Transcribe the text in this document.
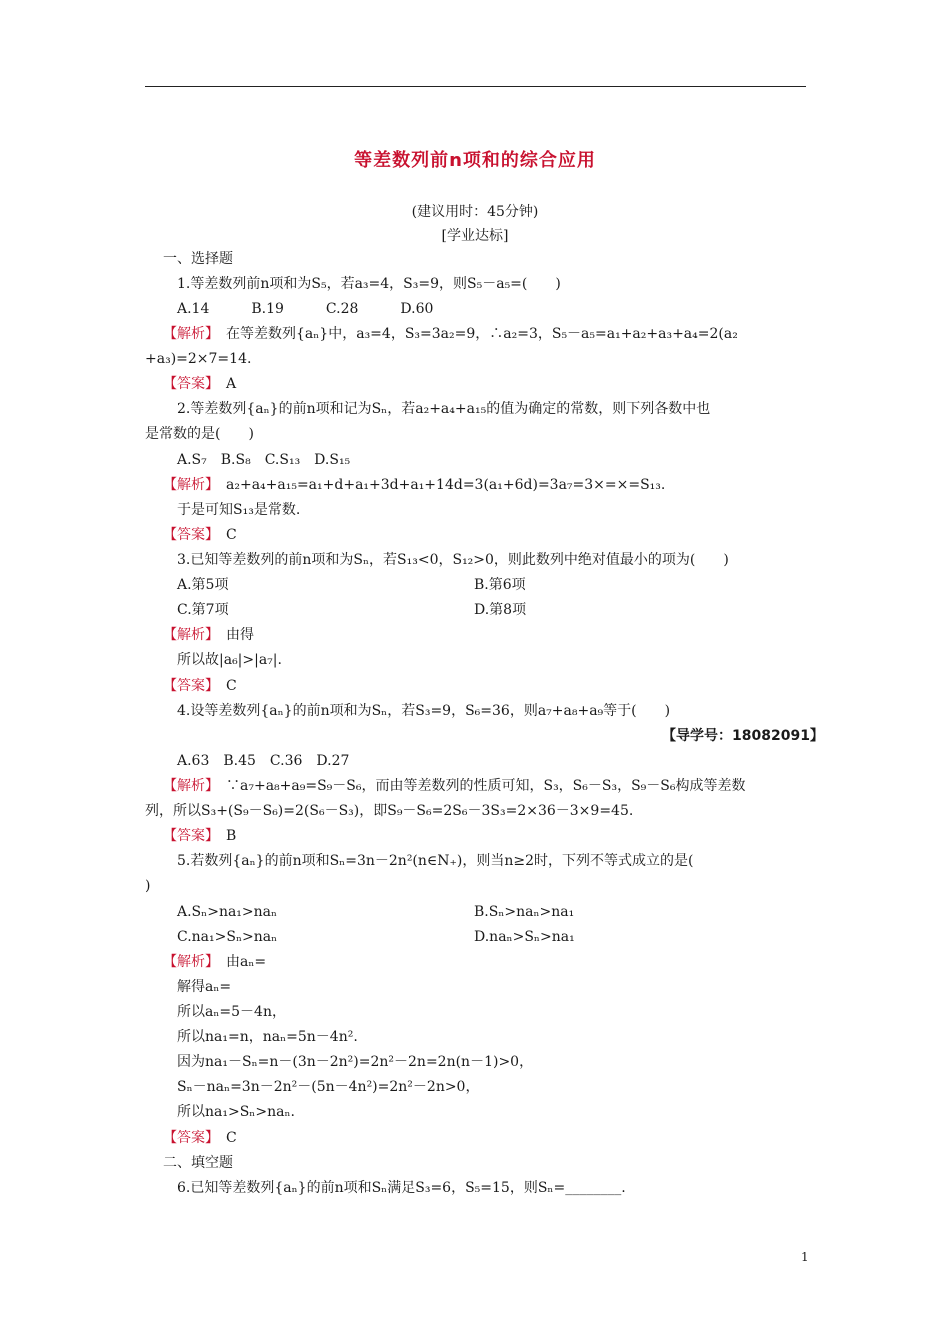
等差数列前n项和的综合应用
(建议用时：45分钟)
[学业达标]
一、选择题
1.等差数列前n项和为S₅，若a₃=4，S₃=9，则S₅－a₅=(　　)
A.14　　　B.19　　　C.28　　　D.60
【解析】　 在等差数列{aₙ}中，a₃=4，S₃=3a₂=9，∴a₂=3，S₅－a₅=a₁+a₂+a₃+a₄=2(a₂
+a₃)=2×7=14.
【答案】　 A
2.等差数列{aₙ}的前n项和记为Sₙ，若a₂+a₄+a₁₅的值为确定的常数，则下列各数中也
是常数的是(　　)
A.S₇　B.S₈　C.S₁₃　D.S₁₅
【解析】　 a₂+a₄+a₁₅=a₁+d+a₁+3d+a₁+14d=3(a₁+6d)=3a₇=3×=×=S₁₃.
于是可知S₁₃是常数.
【答案】　 C
3.已知等差数列的前n项和为Sₙ，若S₁₃<0，S₁₂>0，则此数列中绝对值最小的项为(　　)
A.第5项	B.第6项
C.第7项	D.第8项
【解析】　 由得
所以故|a₆|>|a₇|.
【答案】　 C
4.设等差数列{aₙ}的前n项和为Sₙ，若S₃=9，S₆=36，则a₇+a₈+a₉等于(　　)
【导学号：18082091】
A.63　B.45　C.36　D.27
【解析】　 ∵a₇+a₈+a₉=S₉－S₆，而由等差数列的性质可知，S₃，S₆－S₃，S₉－S₆构成等差数
列，所以S₃+(S₉－S₆)=2(S₆－S₃)，即S₉－S₆=2S₆－3S₃=2×36－3×9=45.
【答案】　 B
5.若数列{aₙ}的前n项和Sₙ=3n－2n²(n∈N₊)，则当n≥2时，下列不等式成立的是(
)
A.Sₙ>na₁>naₙ	B.Sₙ>naₙ>na₁
C.na₁>Sₙ>naₙ	D.naₙ>Sₙ>na₁
【解析】　 由aₙ=
解得aₙ=
所以aₙ=5－4n，
所以na₁=n，naₙ=5n－4n².
因为na₁－Sₙ=n－(3n－2n²)=2n²－2n=2n(n－1)>0，
Sₙ－naₙ=3n－2n²－(5n－4n²)=2n²－2n>0，
所以na₁>Sₙ>naₙ.
【答案】　 C
二、填空题
6.已知等差数列{aₙ}的前n项和Sₙ满足S₃=6，S₅=15，则Sₙ=________.
1
